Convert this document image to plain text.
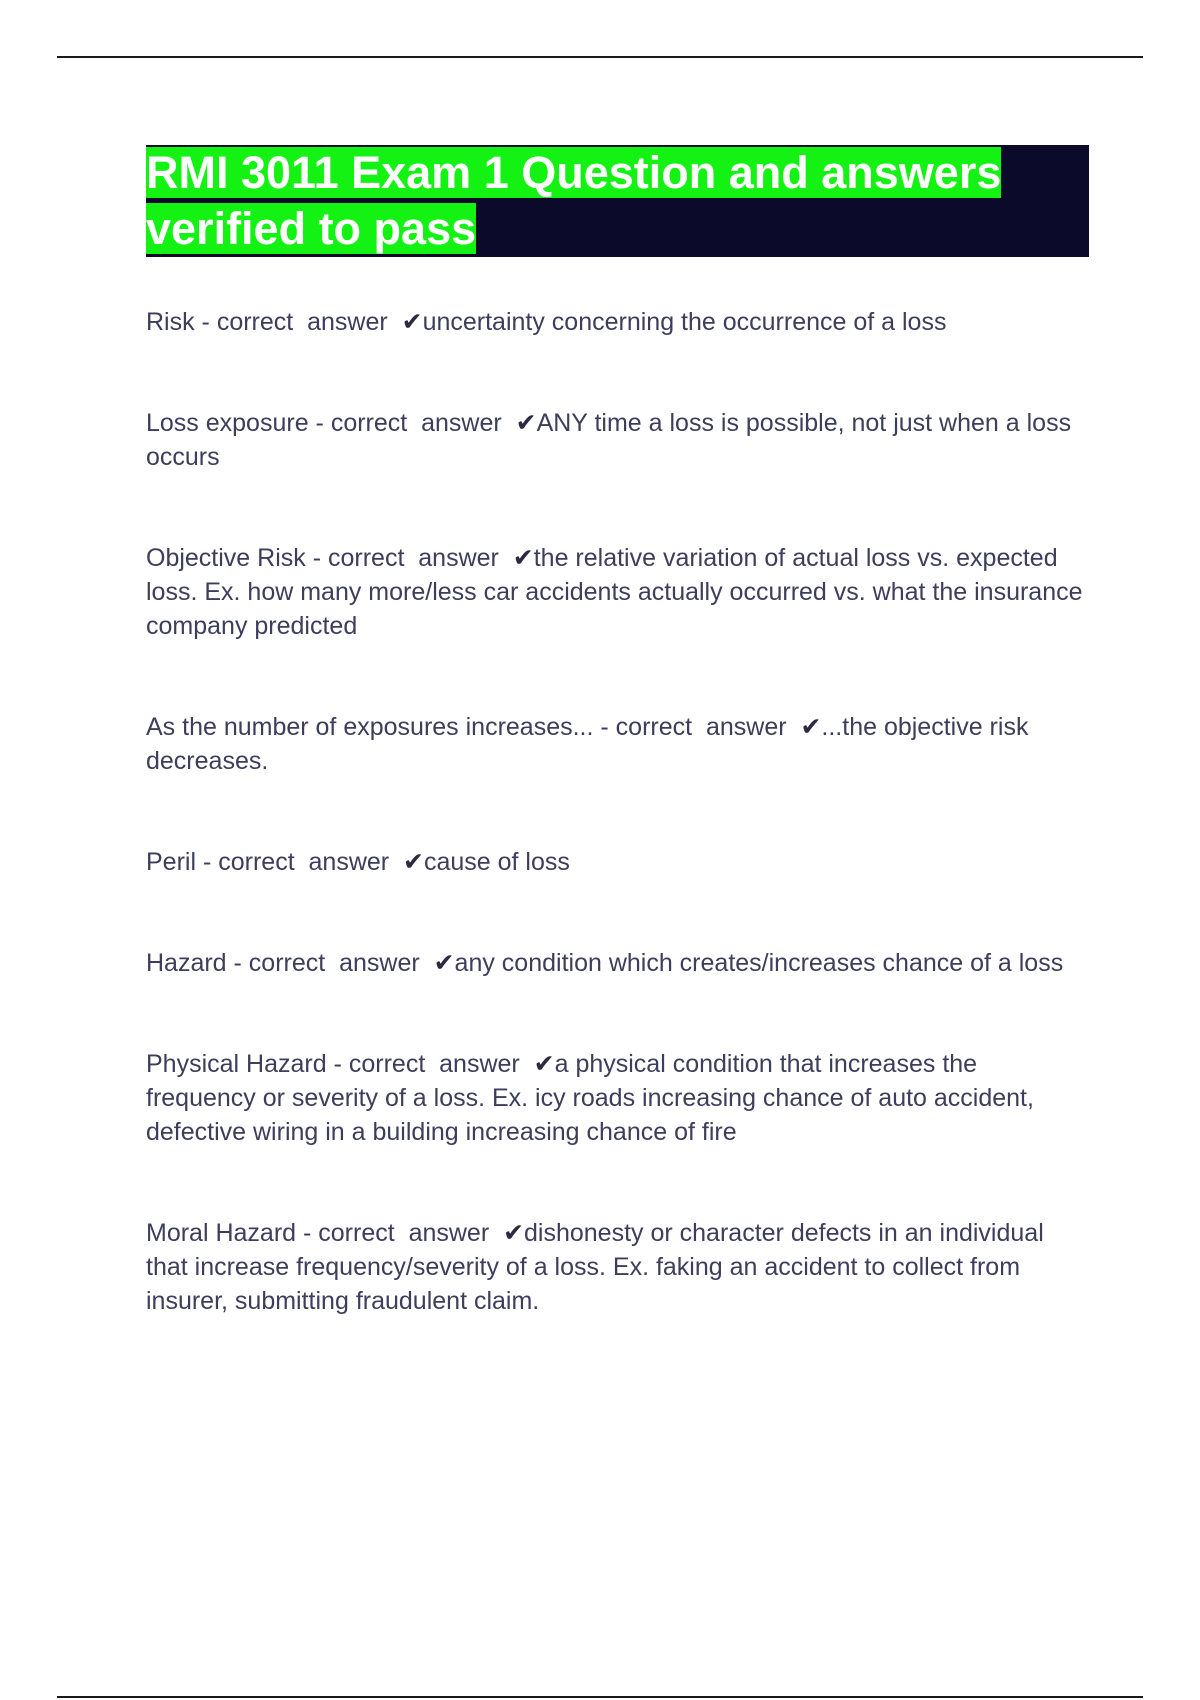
RMI 3011 Exam 1 Question and answers verified to pass

Risk - correct  answer  ✔uncertainty concerning the occurrence of a loss

Loss exposure - correct  answer  ✔ANY time a loss is possible, not just when a loss occurs

Objective Risk - correct  answer  ✔the relative variation of actual loss vs. expected loss. Ex. how many more/less car accidents actually occurred vs. what the insurance company predicted

As the number of exposures increases... - correct  answer  ✔...the objective risk decreases.

Peril - correct  answer  ✔cause of loss

Hazard - correct  answer  ✔any condition which creates/increases chance of a loss

Physical Hazard - correct  answer  ✔a physical condition that increases the frequency or severity of a loss. Ex. icy roads increasing chance of auto accident, defective wiring in a building increasing chance of fire

Moral Hazard - correct  answer  ✔dishonesty or character defects in an individual that increase frequency/severity of a loss. Ex. faking an accident to collect from insurer, submitting fraudulent claim.
